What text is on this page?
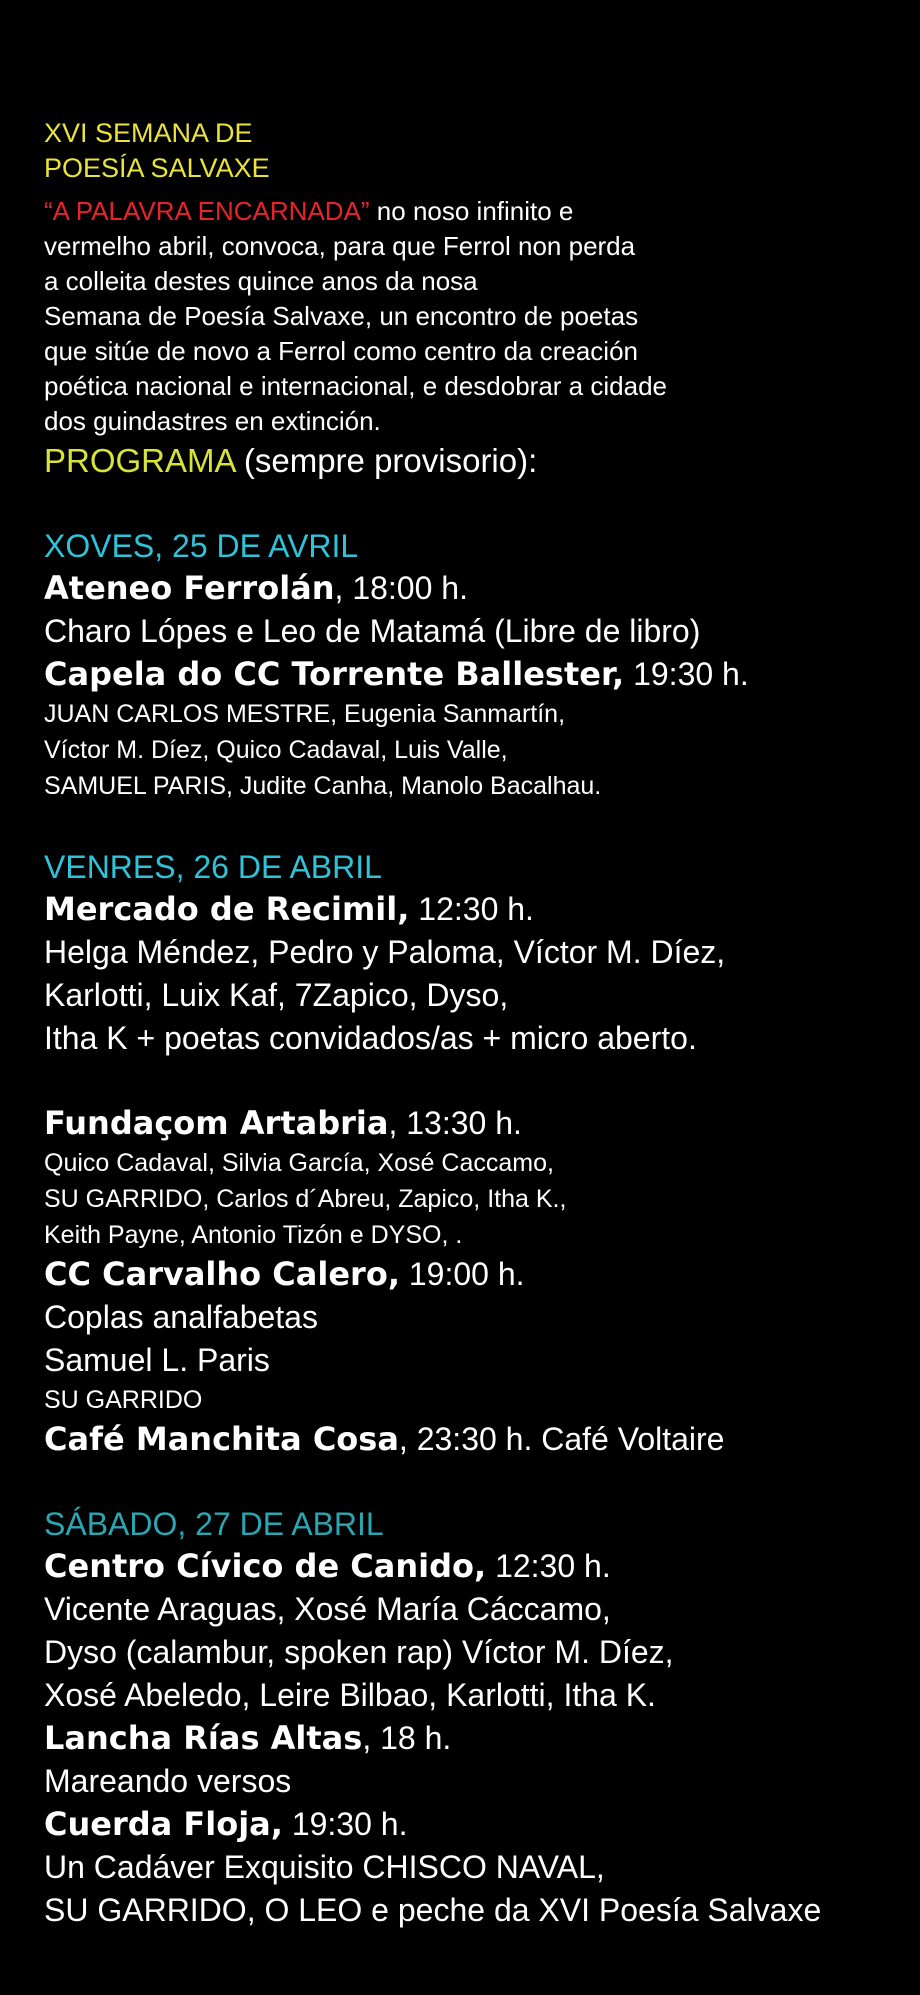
XVI SEMANA DE
POESÍA SALVAXE
“A PALAVRA ENCARNADA” no noso infinito e
vermelho abril, convoca, para que Ferrol non perda
a colleita destes quince anos da nosa
Semana de Poesía Salvaxe, un encontro de poetas
que sitúe de novo a Ferrol como centro da creación
poética nacional e internacional, e desdobrar a cidade
dos guindastres en extinción.
PROGRAMA (sempre provisorio):
XOVES, 25 DE AVRIL
Ateneo Ferrolán, 18:00 h.
Charo Lópes e Leo de Matamá (Libre de libro)
Capela do CC Torrente Ballester, 19:30 h.
JUAN CARLOS MESTRE, Eugenia Sanmartín,
Víctor M. Díez, Quico Cadaval, Luis Valle,
SAMUEL PARIS, Judite Canha, Manolo Bacalhau.
VENRES, 26 DE ABRIL
Mercado de Recimil, 12:30 h.
Helga Méndez, Pedro y Paloma, Víctor M. Díez,
Karlotti, Luix Kaf, 7Zapico, Dyso,
Itha K + poetas convidados/as + micro aberto.
Fundaçom Artabria, 13:30 h.
Quico Cadaval, Silvia García, Xosé Caccamo,
SU GARRIDO, Carlos d´Abreu, Zapico, Itha K.,
Keith Payne, Antonio Tizón e DYSO, .
CC Carvalho Calero, 19:00 h.
Coplas analfabetas
Samuel L. Paris
SU GARRIDO
Café Manchita Cosa, 23:30 h. Café Voltaire
SÁBADO, 27 DE ABRIL
Centro Cívico de Canido, 12:30 h.
Vicente Araguas, Xosé María Cáccamo,
Dyso (calambur, spoken rap) Víctor M. Díez,
Xosé Abeledo, Leire Bilbao, Karlotti, Itha K.
Lancha Rías Altas, 18 h.
Mareando versos
Cuerda Floja, 19:30 h.
Un Cadáver Exquisito CHISCO NAVAL,
SU GARRIDO, O LEO e peche da XVI Poesía Salvaxe
